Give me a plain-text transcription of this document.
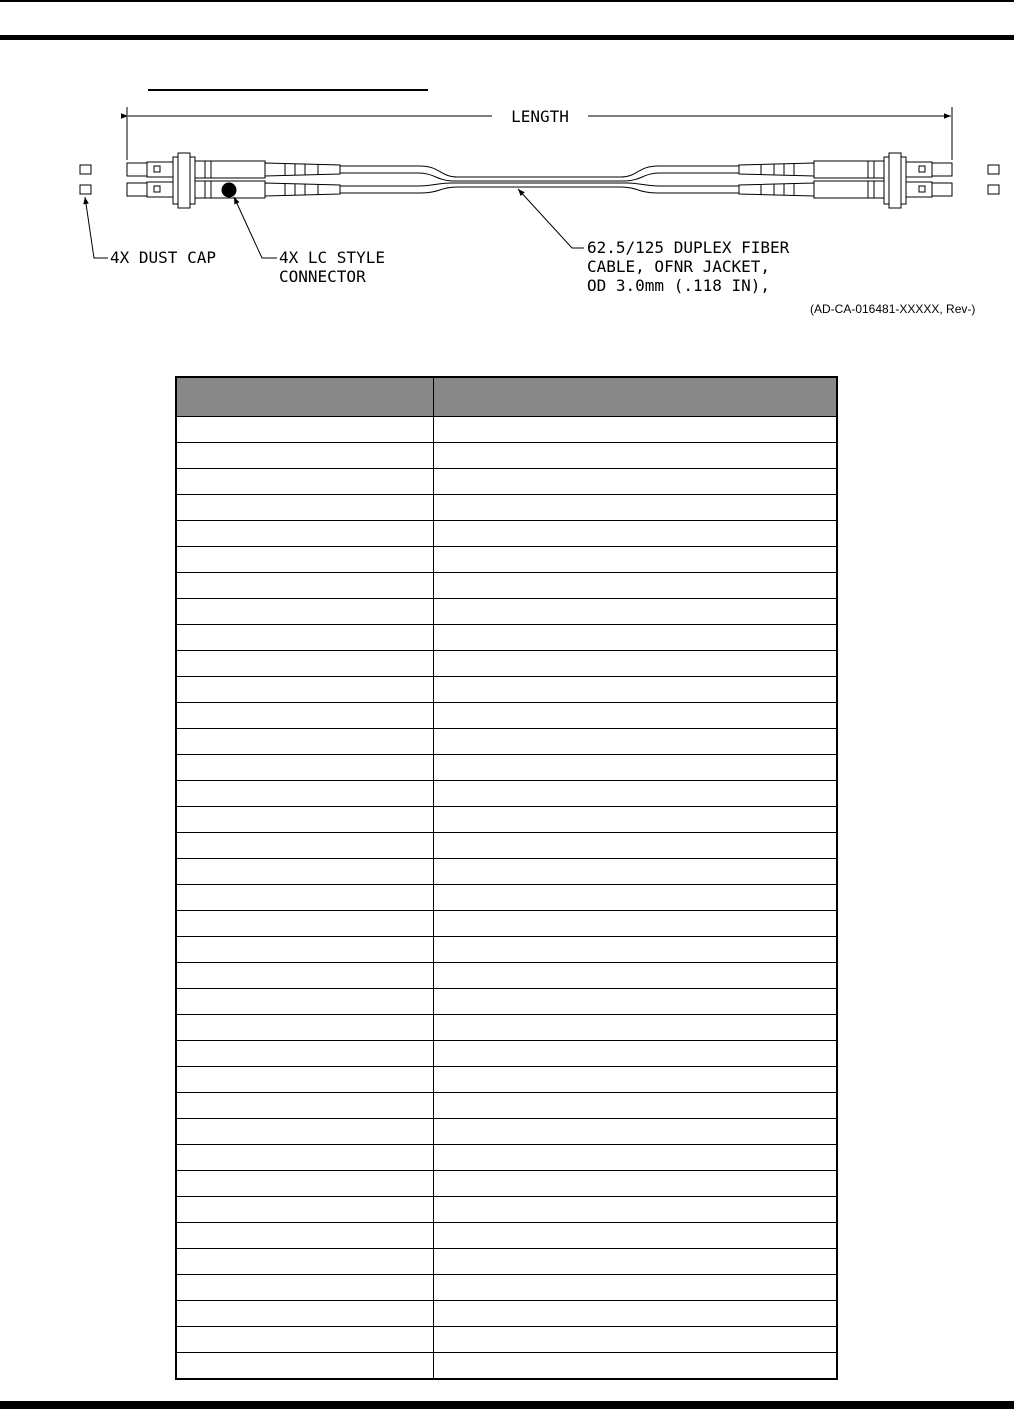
LENGTH
4X DUST CAP	4X LC STYLE
CONNECTOR
62.5/125 DUPLEX FIBER
CABLE, OFNR JACKET,
OD 3.0mm (.118 IN),
(AD-CA-016481-XXXXX, Rev-)
